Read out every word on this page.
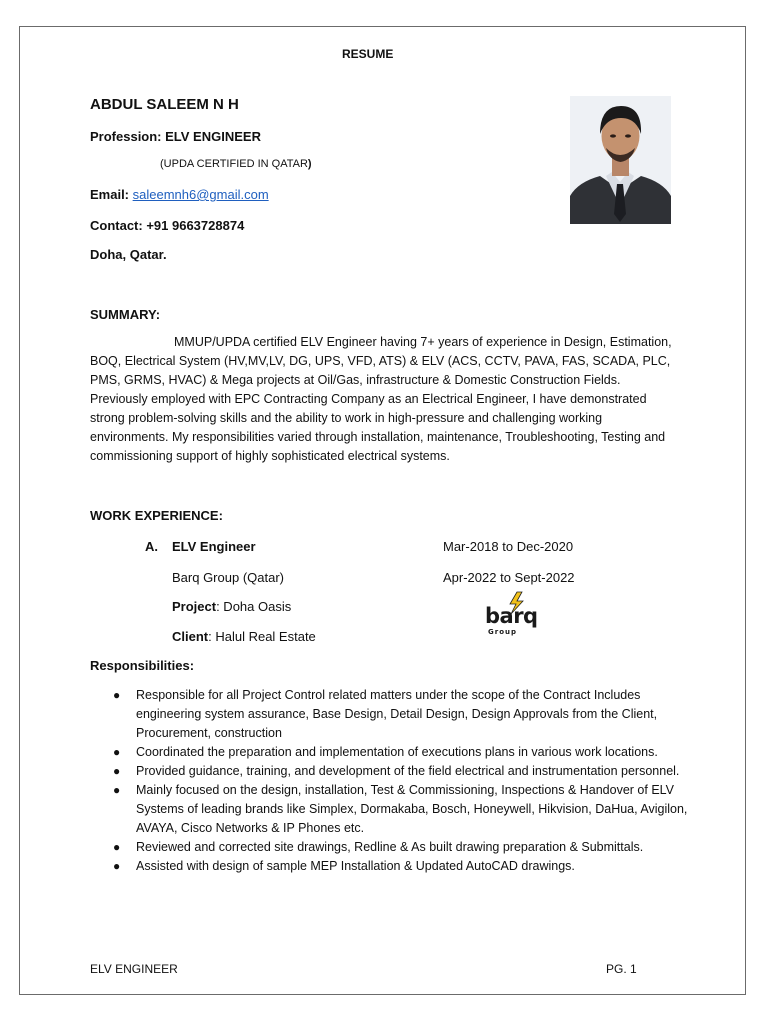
RESUME
ABDUL SALEEM N H
Profession: ELV ENGINEER
(UPDA CERTIFIED IN QATAR)
Email: saleemnh6@gmail.com
Contact: +91 9663728874
Doha, Qatar.
SUMMARY:
MMUP/UPDA certified ELV Engineer having 7+ years of experience in Design, Estimation, BOQ, Electrical System (HV,MV,LV, DG, UPS, VFD, ATS) & ELV (ACS, CCTV, PAVA, FAS, SCADA, PLC, PMS, GRMS, HVAC) & Mega projects at Oil/Gas, infrastructure & Domestic Construction Fields. Previously employed with EPC Contracting Company as an Electrical Engineer, I have demonstrated strong problem-solving skills and the ability to work in high-pressure and challenging working environments. My responsibilities varied through installation, maintenance, Troubleshooting, Testing and commissioning support of highly sophisticated electrical systems.
WORK EXPERIENCE:
A. ELV Engineer	Mar-2018 to Dec-2020
Barq Group (Qatar)	Apr-2022 to Sept-2022
Project: Doha Oasis
Client: Halul Real Estate
barq
Group
Responsibilities:
● Responsible for all Project Control related matters under the scope of the Contract Includes engineering system assurance, Base Design, Detail Design, Design Approvals from the Client, Procurement, construction
● Coordinated the preparation and implementation of executions plans in various work locations.
● Provided guidance, training, and development of the field electrical and instrumentation personnel.
● Mainly focused on the design, installation, Test & Commissioning, Inspections & Handover of ELV Systems of leading brands like Simplex, Dormakaba, Bosch, Honeywell, Hikvision, DaHua, Avigilon, AVAYA, Cisco Networks & IP Phones etc.
● Reviewed and corrected site drawings, Redline & As built drawing preparation & Submittals.
● Assisted with design of sample MEP Installation & Updated AutoCAD drawings.
ELV ENGINEER	PG. 1
